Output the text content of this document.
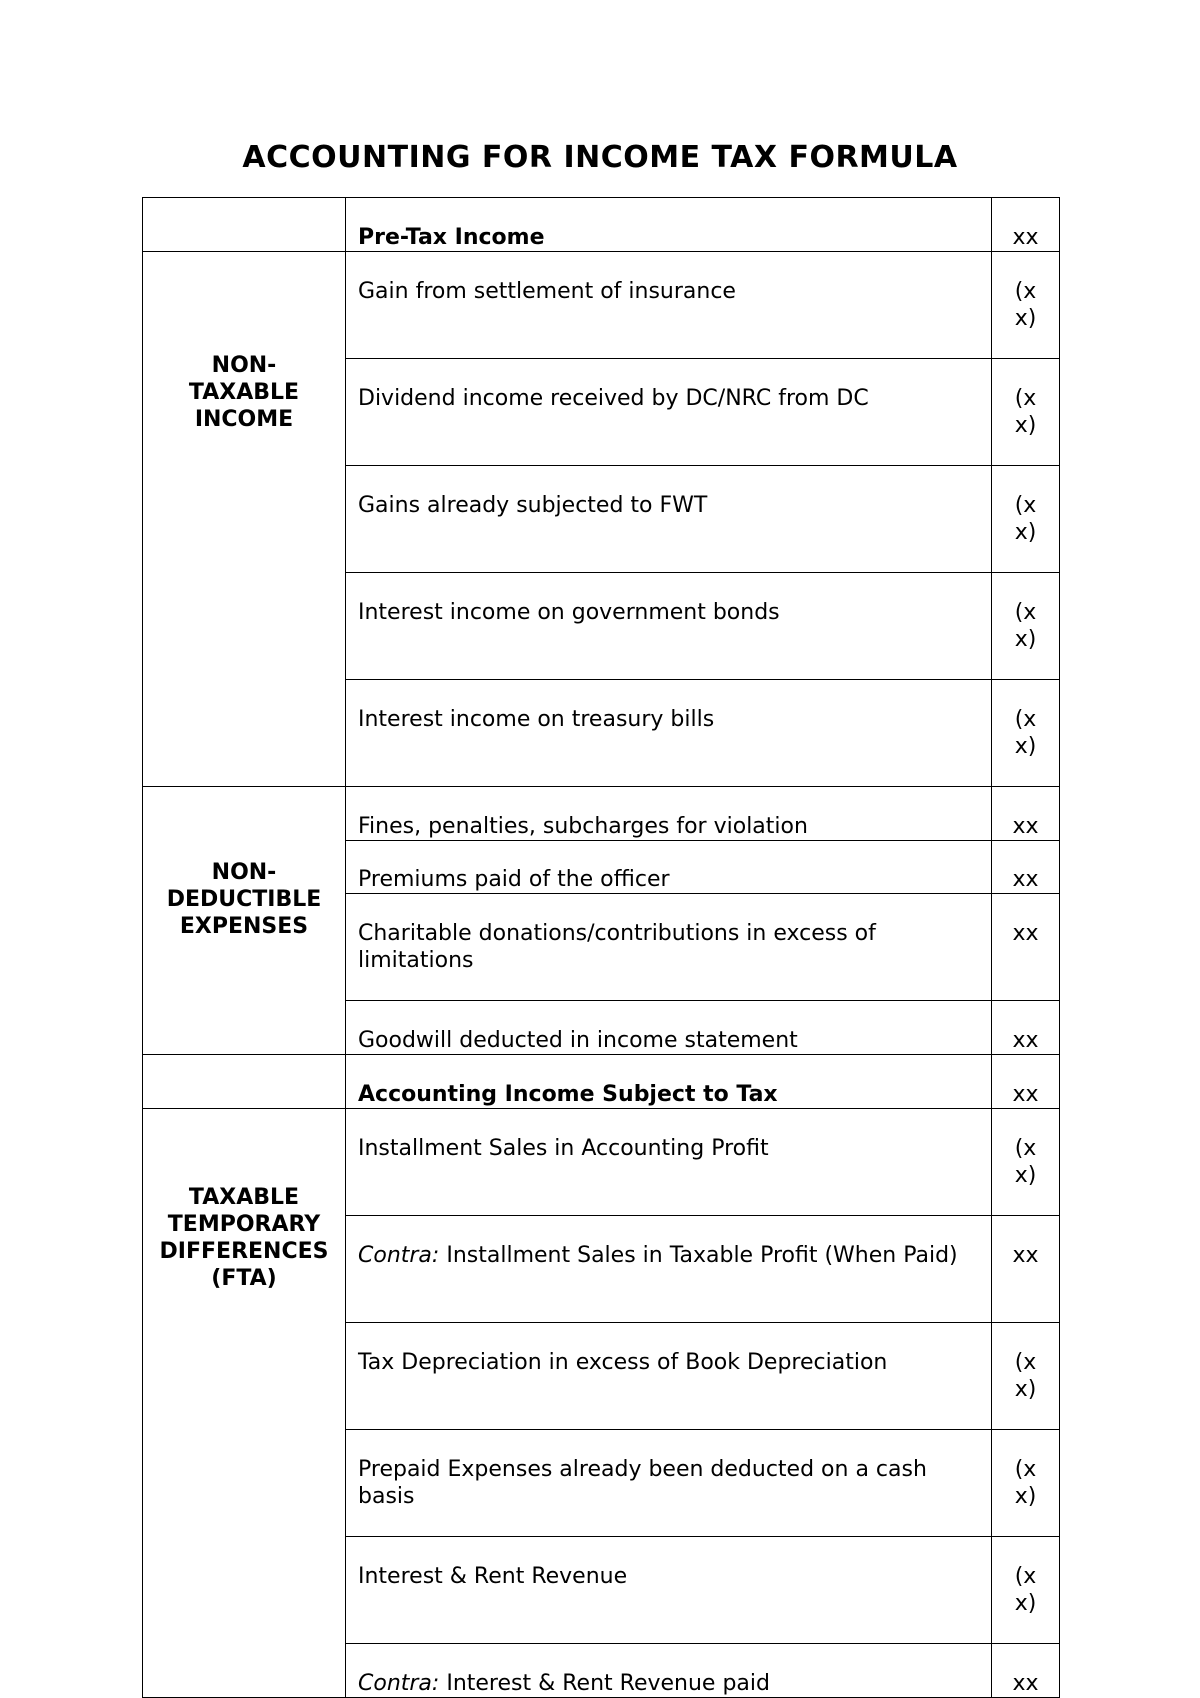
ACCOUNTING FOR INCOME TAX FORMULA
	Pre-Tax Income	xx

NON-
TAXABLE
INCOME	Gain from settlement of insurance	(xx)
	Dividend income received by DC/NRC from DC	(xx)
	Gains already subjected to FWT	(xx)
	Interest income on government bonds	(xx)
	Interest income on treasury bills	(xx)

NON-
DEDUCTIBLE
EXPENSES	Fines, penalties, subcharges for violation	xx
	Premiums paid of the officer	xx
	Charitable donations/contributions in excess of limitations	xx
	Goodwill deducted in income statement	xx
	Accounting Income Subject to Tax	xx

TAXABLE
TEMPORARY
DIFFERENCES
(FTA)	Installment Sales in Accounting Profit	(xx)
	Contra: Installment Sales in Taxable Profit (When Paid)	xx
	Tax Depreciation in excess of Book Depreciation	(xx)
	Prepaid Expenses already been deducted on a cash basis	(xx)
	Interest & Rent Revenue	(xx)
	Contra: Interest & Rent Revenue paid	xx
